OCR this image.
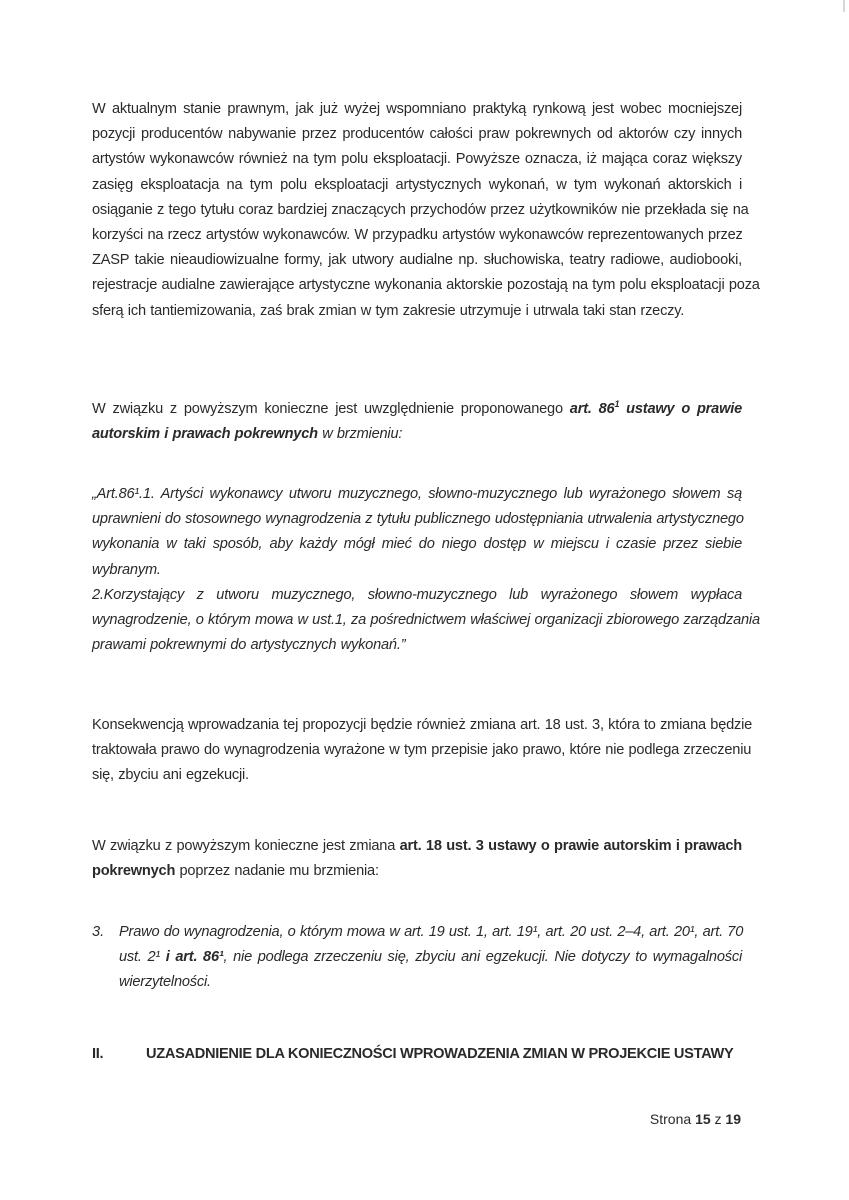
W aktualnym stanie prawnym, jak już wyżej wspomniano praktyką rynkową jest wobec mocniejszej
pozycji producentów nabywanie przez producentów całości praw pokrewnych od aktorów czy innych
artystów wykonawców również na tym polu eksploatacji. Powyższe oznacza, iż mająca coraz większy
zasięg eksploatacja na tym polu eksploatacji artystycznych wykonań, w tym wykonań aktorskich i
osiąganie z tego tytułu coraz bardziej znaczących przychodów przez użytkowników nie przekłada się na
korzyści na rzecz artystów wykonawców. W przypadku artystów wykonawców reprezentowanych przez
ZASP takie nieaudiowizualne formy, jak utwory audialne np. słuchowiska, teatry radiowe, audiobooki,
rejestracje audialne zawierające artystyczne wykonania aktorskie pozostają na tym polu eksploatacji poza
sferą ich tantiemizowania, zaś brak zmian w tym zakresie utrzymuje i utrwala taki stan rzeczy.
W związku z powyższym konieczne jest uwzględnienie proponowanego art. $86^1$ ustawy o prawie
autorskim i prawach pokrewnych w brzmieniu:
„Art.86¹.1. Artyści wykonawcy utworu muzycznego, słowno-muzycznego lub wyrażonego słowem są
uprawnieni do stosownego wynagrodzenia z tytułu publicznego udostępniania utrwalenia artystycznego
wykonania w taki sposób, aby każdy mógł mieć do niego dostęp w miejscu i czasie przez siebie
wybranym.
2.Korzystający z utworu muzycznego, słowno-muzycznego lub wyrażonego słowem wypłaca
wynagrodzenie, o którym mowa w ust.1, za pośrednictwem właściwej organizacji zbiorowego zarządzania
prawami pokrewnymi do artystycznych wykonań.”
Konsekwencją wprowadzania tej propozycji będzie również zmiana art. 18 ust. 3, która to zmiana będzie
traktowała prawo do wynagrodzenia wyrażone w tym przepisie jako prawo, które nie podlega zrzeczeniu
się, zbyciu ani egzekucji.
W związku z powyższym konieczne jest zmiana art. 18 ust. 3 ustawy o prawie autorskim i prawach
pokrewnych poprzez nadanie mu brzmienia:
3. Prawo do wynagrodzenia, o którym mowa w art. 19 ust. 1, art. 19¹, art. 20 ust. 2–4, art. 20¹, art. 70
ust. 2¹ i art. 86¹, nie podlega zrzeczeniu się, zbyciu ani egzekucji. Nie dotyczy to wymagalności
wierzytelności.
II.	UZASADNIENIE DLA KONIECZNOŚCI WPROWADZENIA ZMIAN W PROJEKCIE USTAWY
Strona 15 z 19
